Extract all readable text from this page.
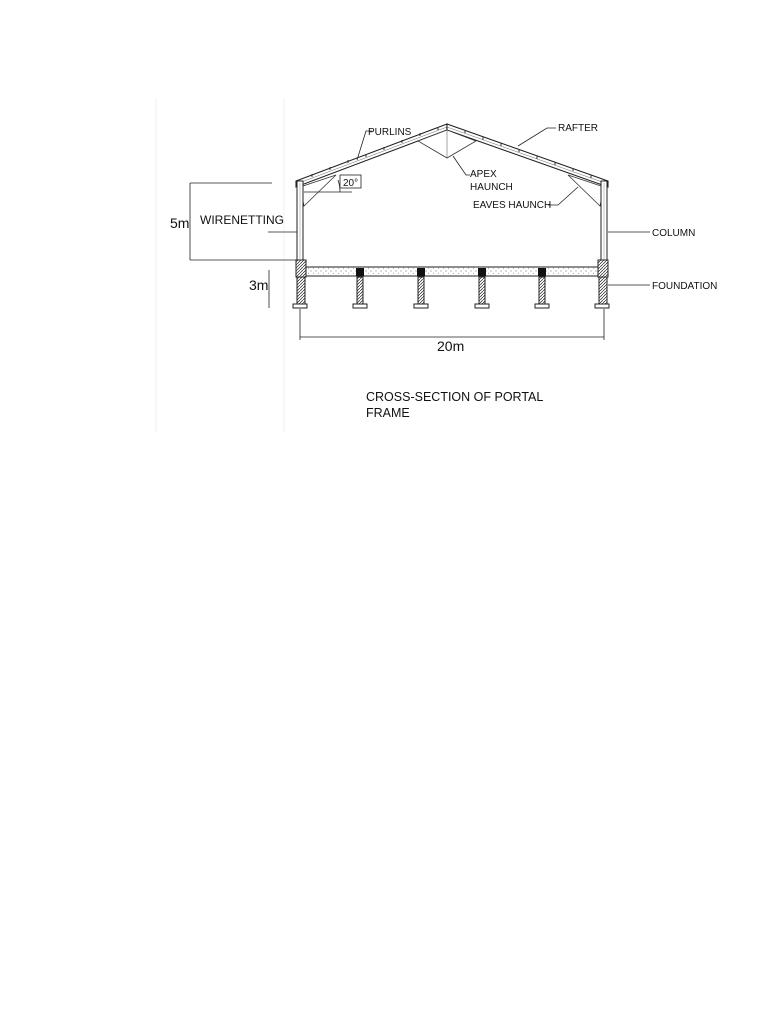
PURLINS	RAFTER
APEX
HAUNCH
EAVES HAUNCH
COLUMN
FOUNDATION
20°
WIRENETTING
5m
3m
20m
CROSS-SECTION OF PORTAL
FRAME
